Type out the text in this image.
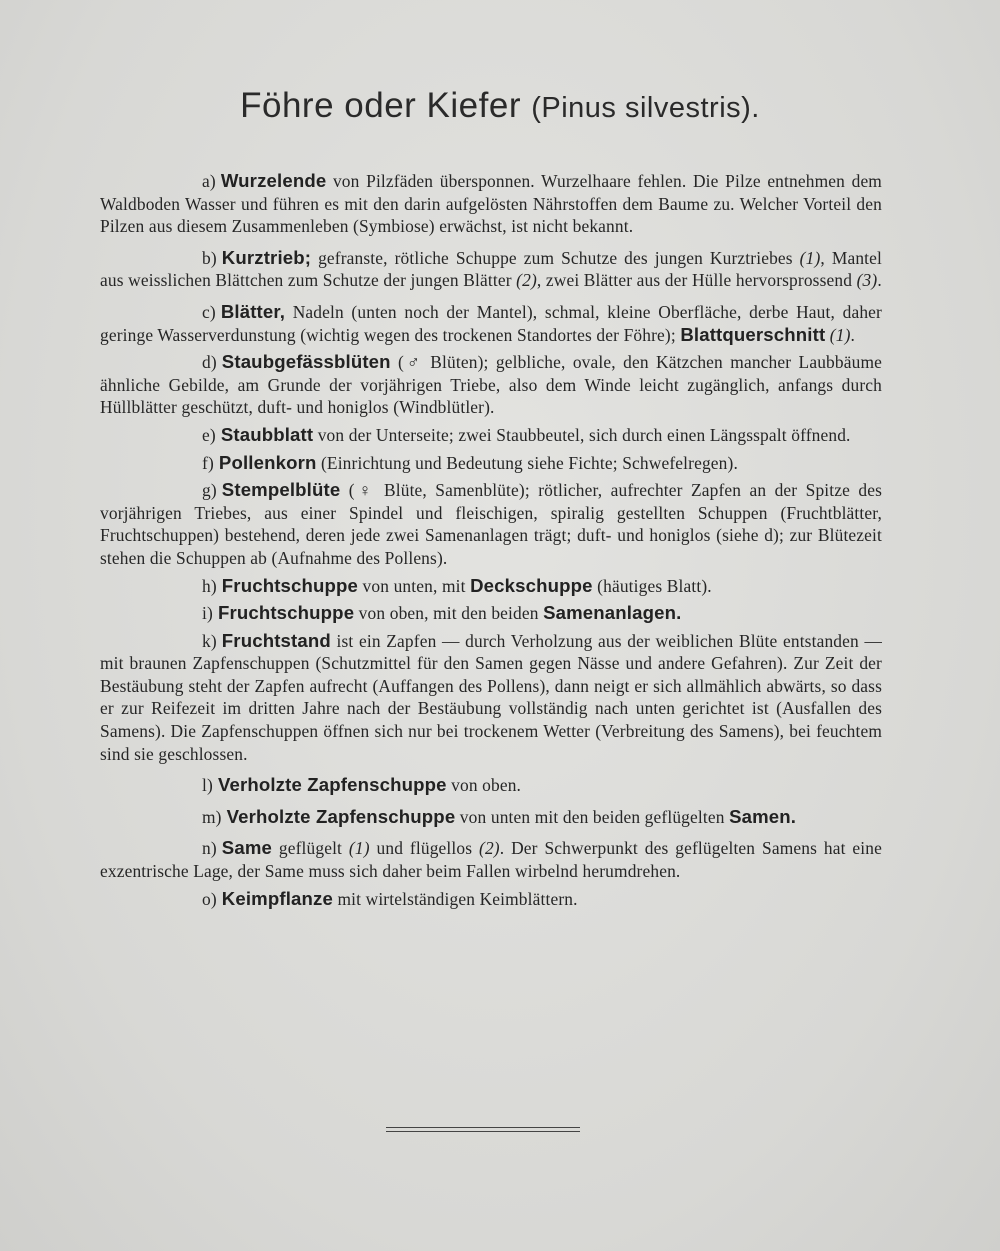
Föhre oder Kiefer (Pinus silvestris).

a) Wurzelende von Pilzfäden übersponnen. Wurzelhaare fehlen. Die Pilze entnehmen dem Waldboden Wasser und führen es mit den darin aufgelösten Nährstoffen dem Baume zu. Welcher Vorteil den Pilzen aus diesem Zusammenleben (Symbiose) erwächst, ist nicht bekannt.

b) Kurztrieb; gefranste, rötliche Schuppe zum Schutze des jungen Kurztriebes (1), Mantel aus weisslichen Blättchen zum Schutze der jungen Blätter (2), zwei Blätter aus der Hülle hervorsprossend (3).

c) Blätter, Nadeln (unten noch der Mantel), schmal, kleine Oberfläche, derbe Haut, daher geringe Wasserverdunstung (wichtig wegen des trockenen Standortes der Föhre); Blattquerschnitt (1).

d) Staubgefässblüten (♂ Blüten); gelbliche, ovale, den Kätzchen mancher Laubbäume ähnliche Gebilde, am Grunde der vorjährigen Triebe, also dem Winde leicht zugänglich, anfangs durch Hüllblätter geschützt, duft- und honiglos (Windblütler).

e) Staubblatt von der Unterseite; zwei Staubbeutel, sich durch einen Längsspalt öffnend.

f) Pollenkorn (Einrichtung und Bedeutung siehe Fichte; Schwefelregen).

g) Stempelblüte (♀ Blüte, Samenblüte); rötlicher, aufrechter Zapfen an der Spitze des vorjährigen Triebes, aus einer Spindel und fleischigen, spiralig gestellten Schuppen (Fruchtblätter, Fruchtschuppen) bestehend, deren jede zwei Samenanlagen trägt; duft- und honiglos (siehe d); zur Blütezeit stehen die Schuppen ab (Aufnahme des Pollens).

h) Fruchtschuppe von unten, mit Deckschuppe (häutiges Blatt).

i) Fruchtschuppe von oben, mit den beiden Samenanlagen.

k) Fruchtstand ist ein Zapfen — durch Verholzung aus der weiblichen Blüte entstanden — mit braunen Zapfenschuppen (Schutzmittel für den Samen gegen Nässe und andere Gefahren). Zur Zeit der Bestäubung steht der Zapfen aufrecht (Auffangen des Pollens), dann neigt er sich allmählich abwärts, so dass er zur Reifezeit im dritten Jahre nach der Bestäubung vollständig nach unten gerichtet ist (Ausfallen des Samens). Die Zapfenschuppen öffnen sich nur bei trockenem Wetter (Verbreitung des Samens), bei feuchtem sind sie geschlossen.

l) Verholzte Zapfenschuppe von oben.

m) Verholzte Zapfenschuppe von unten mit den beiden geflügelten Samen.

n) Same geflügelt (1) und flügellos (2). Der Schwerpunkt des geflügelten Samens hat eine exzentrische Lage, der Same muss sich daher beim Fallen wirbelnd herumdrehen.

o) Keimpflanze mit wirtelständigen Keimblättern.
